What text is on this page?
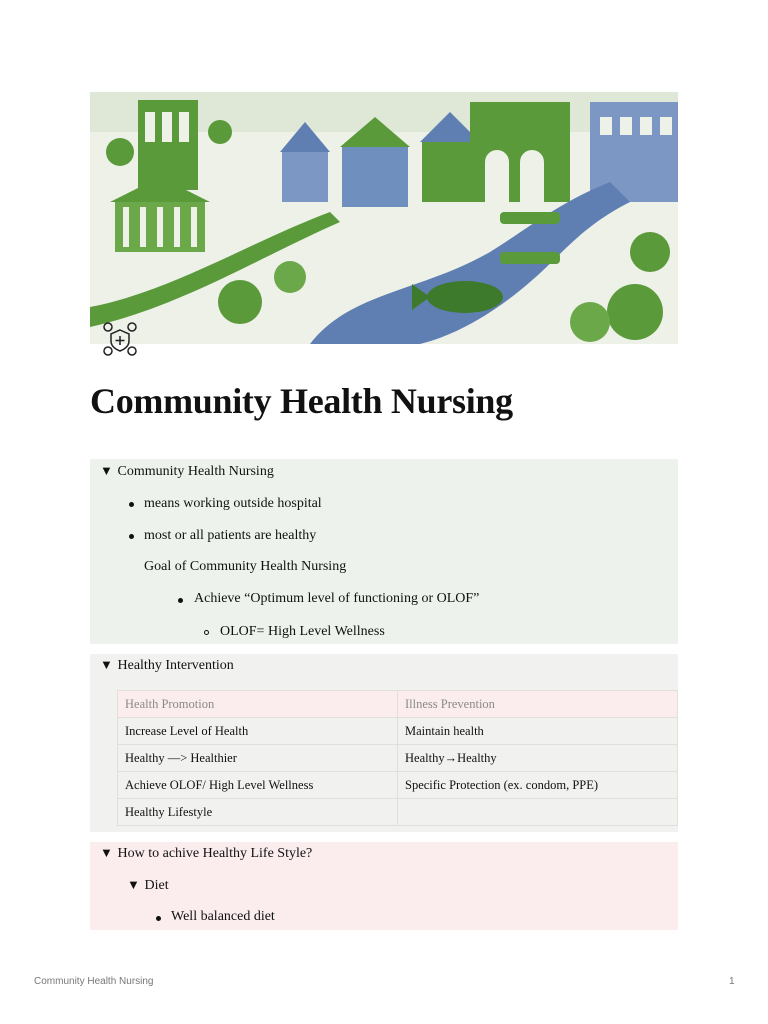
Community Health Nursing
▼ Community Health Nursing
means working outside hospital
most or all patients are healthy
Goal of Community Health Nursing
Achieve “Optimum level of functioning or OLOF”
OLOF= High Level Wellness
▼ Healthy Intervention
Health Promotion	Illness Prevention
Increase Level of Health	Maintain health
Healthy —> Healthier	Healthy→Healthy
Achieve OLOF/ High Level Wellness	Specific Protection (ex. condom, PPE)
Healthy Lifestyle	
▼ How to achive Healthy Life Style?
▼ Diet
Well balanced diet
Community Health Nursing	1
